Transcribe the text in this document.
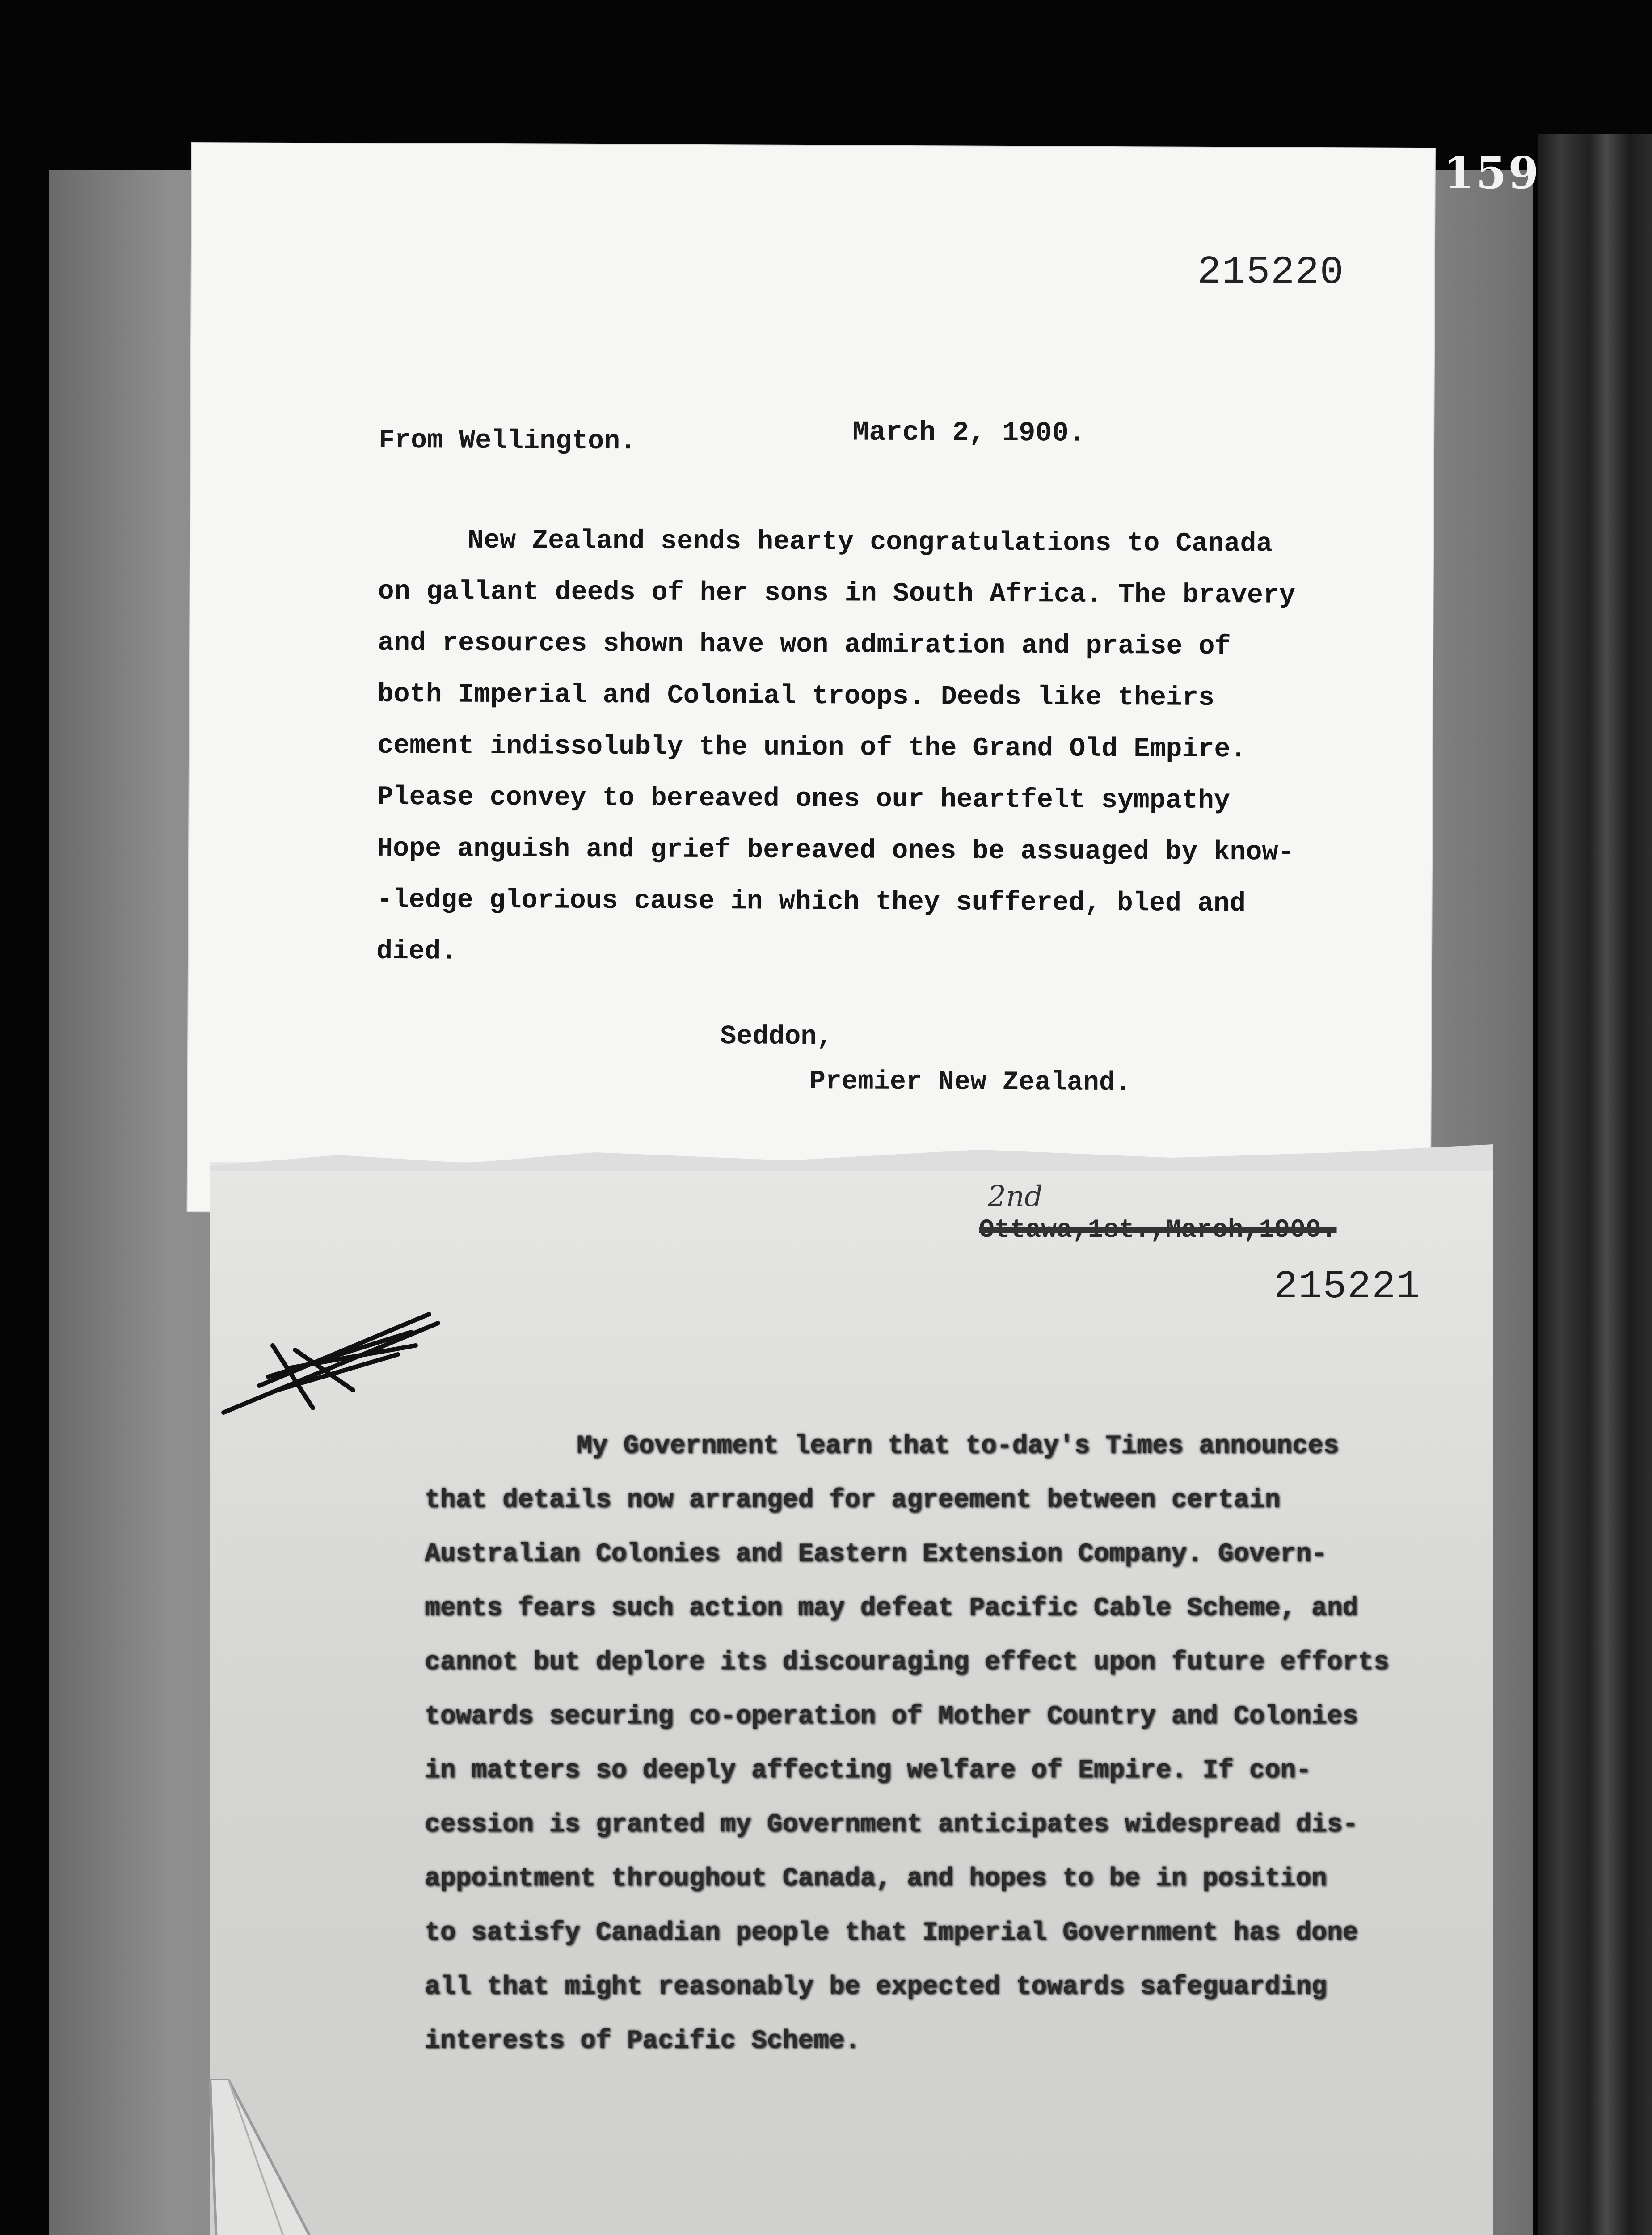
159
215220
From Wellington.	March 2, 1900.
New Zealand sends hearty congratulations to Canada
on gallant deeds of her sons in South Africa. The bravery
and resources shown have won admiration and praise of
both Imperial and Colonial troops. Deeds like theirs
cement indissolubly the union of the Grand Old Empire.
Please convey to bereaved ones our heartfelt sympathy
Hope anguish and grief bereaved ones be assuaged by know-
-ledge glorious cause in which they suffered, bled and
died.
Seddon,
Premier New Zealand.
2nd
Ottawa,1st.,March,1900.
215221
My Government learn that to-day's Times announces
that details now arranged for agreement between certain
Australian Colonies and Eastern Extension Company. Govern-
ments fears such action may defeat Pacific Cable Scheme, and
cannot but deplore its discouraging effect upon future efforts
towards securing co-operation of Mother Country and Colonies
in matters so deeply affecting welfare of Empire. If con-
cession is granted my Government anticipates widespread dis-
appointment throughout Canada, and hopes to be in position
to satisfy Canadian people that Imperial Government has done
all that might reasonably be expected towards safeguarding
interests of Pacific Scheme.
